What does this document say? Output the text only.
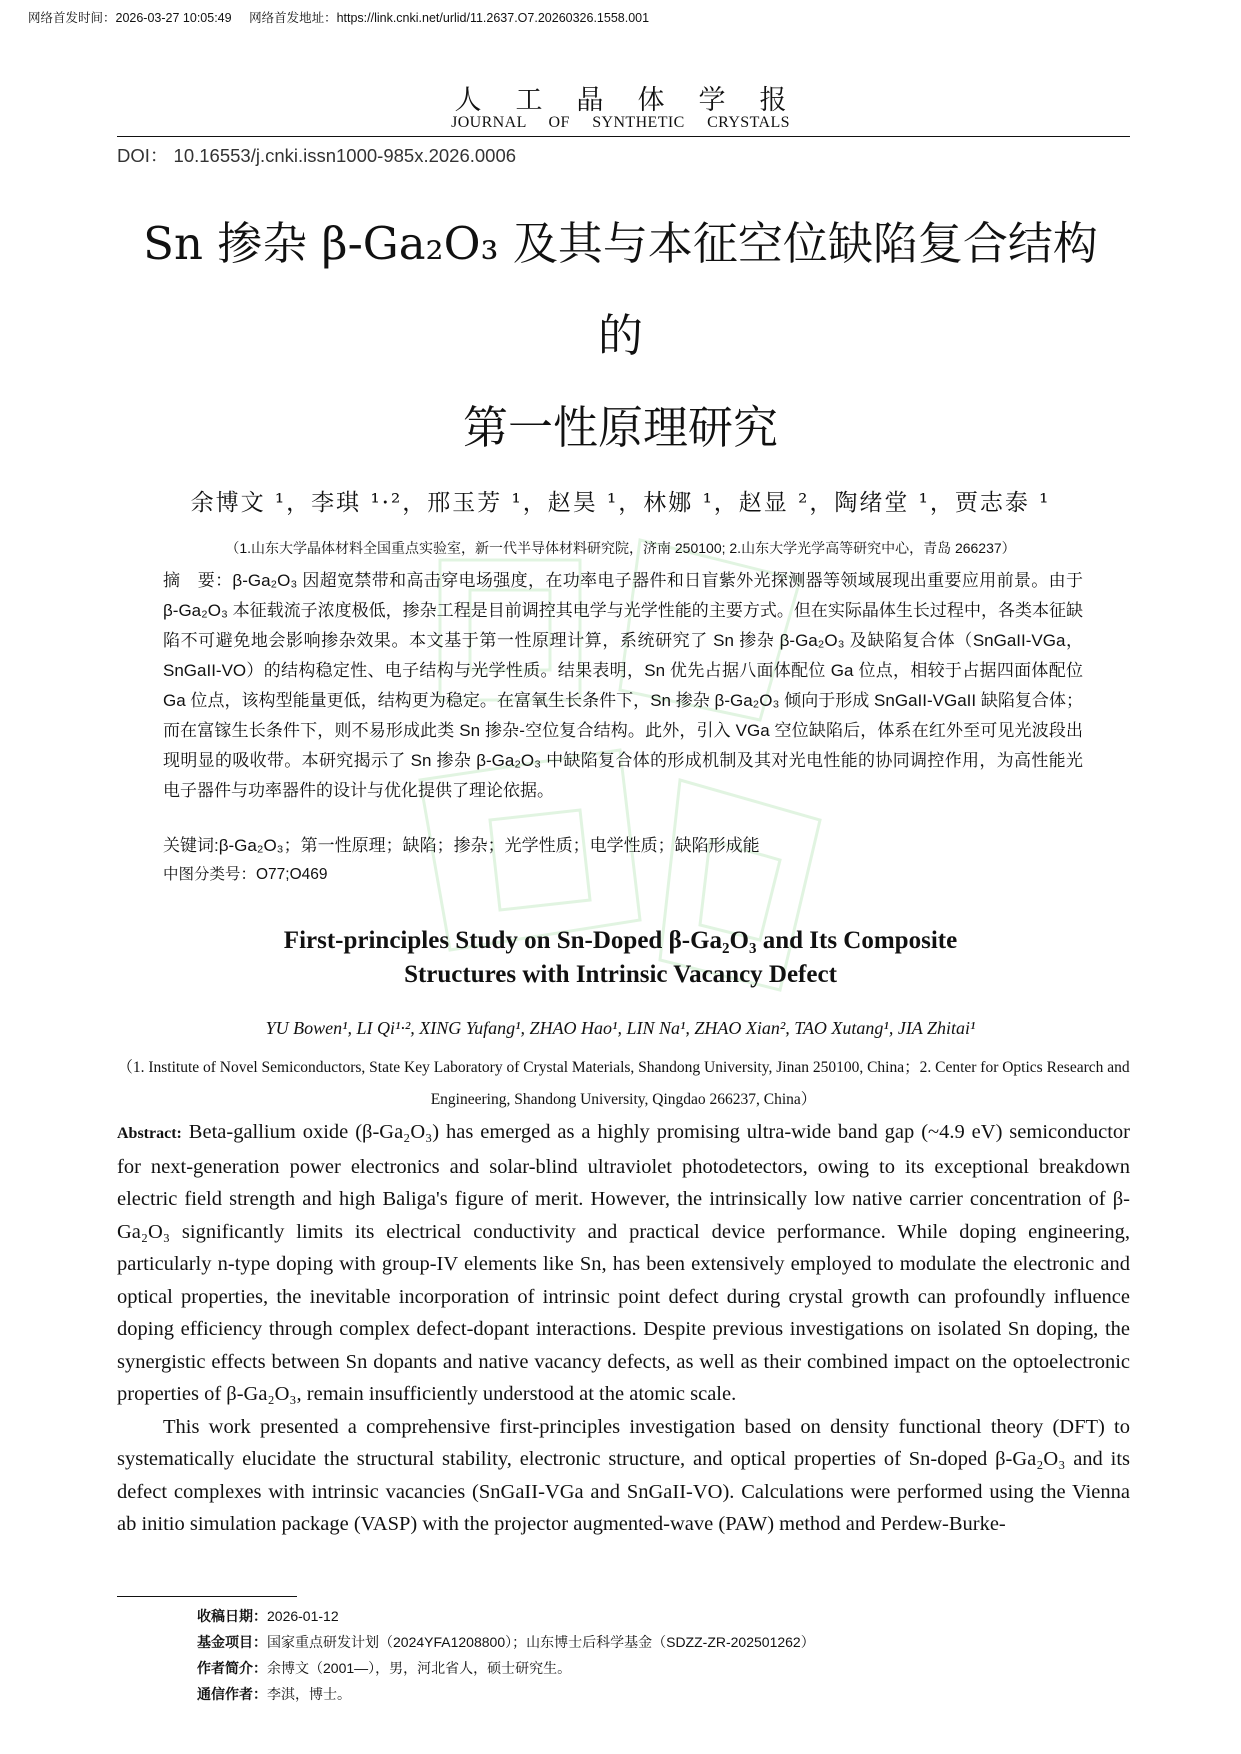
网络首发时间：2026-03-27 10:05:49 网络首发地址：https://link.cnki.net/urlid/11.2637.O7.20260326.1558.001
人工晶体学报
JOURNAL OF SYNTHETIC CRYSTALS
DOI： 10.16553/j.cnki.issn1000-985x.2026.0006
Sn 掺杂 β-Ga₂O₃ 及其与本征空位缺陷复合结构
的
第一性原理研究
余博文 ¹，李琪 ¹·²，邢玉芳 ¹，赵昊 ¹，林娜 ¹，赵显 ²，陶绪堂 ¹，贾志泰 ¹
（1.山东大学晶体材料全国重点实验室，新一代半导体材料研究院，济南 250100; 2.山东大学光学高等研究中心，青岛 266237）

摘　要：β-Ga₂O₃ 因超宽禁带和高击穿电场强度，在功率电子器件和日盲紫外光探测器等领域展现出重要应用前景。由于 β-Ga₂O₃ 本征载流子浓度极低，掺杂工程是目前调控其电学与光学性能的主要方式。但在实际晶体生长过程中，各类本征缺陷不可避免地会影响掺杂效果。本文基于第一性原理计算，系统研究了 Sn 掺杂 β-Ga₂O₃ 及缺陷复合体（SnGaII-VGa，SnGaII-VO）的结构稳定性、电子结构与光学性质。结果表明，Sn 优先占据八面体配位 Ga 位点，相较于占据四面体配位 Ga 位点，该构型能量更低，结构更为稳定。在富氧生长条件下，Sn 掺杂 β-Ga₂O₃ 倾向于形成 SnGaII-VGaII 缺陷复合体；而在富镓生长条件下，则不易形成此类 Sn 掺杂-空位复合结构。此外，引入 VGa 空位缺陷后，体系在红外至可见光波段出现明显的吸收带。本研究揭示了 Sn 掺杂 β-Ga₂O₃ 中缺陷复合体的形成机制及其对光电性能的协同调控作用，为高性能光电子器件与功率器件的设计与优化提供了理论依据。

关键词:β-Ga₂O₃；第一性原理；缺陷；掺杂；光学性质；电学性质；缺陷形成能
中图分类号：O77;O469
First-principles Study on Sn-Doped β-Ga₂O₃ and Its Composite
Structures with Intrinsic Vacancy Defect
YU Bowen¹, LI Qi¹·², XING Yufang¹, ZHAO Hao¹, LIN Na¹, ZHAO Xian², TAO Xutang¹, JIA Zhitai¹
（1. Institute of Novel Semiconductors, State Key Laboratory of Crystal Materials, Shandong University, Jinan 250100, China；2. Center for Optics Research and Engineering, Shandong University, Qingdao 266237, China）

Abstract: Beta-gallium oxide (β-Ga₂O₃) has emerged as a highly promising ultra-wide band gap (~4.9 eV) semiconductor for next-generation power electronics and solar-blind ultraviolet photodetectors, owing to its exceptional breakdown electric field strength and high Baliga's figure of merit. However, the intrinsically low native carrier concentration of β-Ga₂O₃ significantly limits its electrical conductivity and practical device performance. While doping engineering, particularly n-type doping with group-IV elements like Sn, has been extensively employed to modulate the electronic and optical properties, the inevitable incorporation of intrinsic point defect during crystal growth can profoundly influence doping efficiency through complex defect-dopant interactions. Despite previous investigations on isolated Sn doping, the synergistic effects between Sn dopants and native vacancy defects, as well as their combined impact on the optoelectronic properties of β-Ga₂O₃, remain insufficiently understood at the atomic scale.

This work presented a comprehensive first-principles investigation based on density functional theory (DFT) to systematically elucidate the structural stability, electronic structure, and optical properties of Sn-doped β-Ga₂O₃ and its defect complexes with intrinsic vacancies (SnGaII-VGa and SnGaII-VO). Calculations were performed using the Vienna ab initio simulation package (VASP) with the projector augmented-wave (PAW) method and Perdew-Burke-

收稿日期：2026-01-12
基金项目：国家重点研发计划（2024YFA1208800）；山东博士后科学基金（SDZZ-ZR-202501262）
作者简介：余博文（2001—），男，河北省人，硕士研究生。
通信作者：李淇，博士。
